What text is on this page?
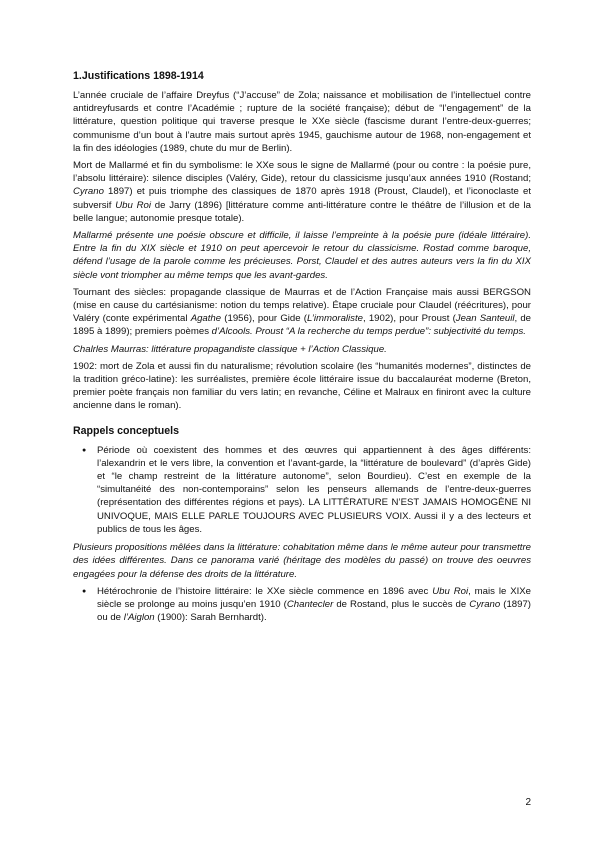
1.Justifications 1898-1914

L’année cruciale de l’affaire Dreyfus (“J’accuse” de Zola; naissance et mobilisation de l’intellectuel contre antidreyfusards et contre l’Académie ; rupture de la société française); début de “l’engagement” de la littérature, question politique qui traverse presque le XXe siècle (fascisme durant l’entre-deux-guerres; communisme d’un bout à l’autre mais surtout après 1945, gauchisme autour de 1968, non-engagement et la fin des idéologies (1989, chute du mur de Berlin).

Mort de Mallarmé et fin du symbolisme: le XXe sous le signe de Mallarmé (pour ou contre : la poésie pure, l’absolu littéraire): silence disciples (Valéry, Gide), retour du classicisme jusqu’aux années 1910 (Rostand; Cyrano 1897) et puis triomphe des classiques de 1870 après 1918 (Proust, Claudel), et l’iconoclaste et subversif Ubu Roi de Jarry (1896) [littérature comme anti-littérature contre le théâtre de l’illusion et de la belle langue; autonomie presque totale).

Mallarmé présente une poésie obscure et difficile, il laisse l’empreinte à la poésie pure (idéale littéraire). Entre la fin du XIX siècle et 1910 on peut apercevoir le retour du classicisme. Rostad comme baroque, défend l’usage de la parole comme les précieuses. Porst, Claudel et des autres auteurs vers la fin du XIX siècle vont triompher au même temps que les avant-gardes.

Tournant des siècles: propagande classique de Maurras et de l’Action Française mais aussi BERGSON (mise en cause du cartésianisme: notion du temps relative). Étape cruciale pour Claudel (réécritures), pour Valéry (conte expérimental Agathe (1956), pour Gide (L’immoraliste, 1902), pour Proust (Jean Santeuil, de 1895 à 1899); premiers poèmes d’Alcools. Proust “A la recherche du temps perdue”: subjectivité du temps.

Chalrles Maurras: littérature propagandiste classique + l’Action Classique.

1902: mort de Zola et aussi fin du naturalisme; révolution scolaire (les “humanités modernes”, distinctes de la tradition gréco-latine): les surréalistes, première école littéraire issue du baccalauréat moderne (Breton, premier poète français non familiar du vers latin; en revanche, Céline et Malraux en finiront avec la culture ancienne dans le roman).

Rappels conceptuels
● Période où coexistent des hommes et des œuvres qui appartiennent à des âges différents: l’alexandrin et le vers libre, la convention et l’avant-garde, la “littérature de boulevard” (d’après Gide) et “le champ restreint de la littérature autonome”, selon Bourdieu). C’est en exemple de la “simultanéité des non-contemporains” selon les penseurs allemands de l’entre-deux-guerres (représentation des différentes régions et pays). LA LITTÉRATURE N’EST JAMAIS HOMOGÈNE NI UNIVOQUE, MAIS ELLE PARLE TOUJOURS AVEC PLUSIEURS VOIX. Aussi il y a des lecteurs et publics de tous les âges.

Plusieurs propositions mêlées dans la littérature: cohabitation même dans le même auteur pour transmettre des idées différentes. Dans ce panorama varié (héritage des modèles du passé) on trouve des oeuvres engagées pour la défense des droits de la littérature.

● Hétérochronie de l’histoire littéraire: le XXe siècle commence en 1896 avec Ubu Roi, mais le XIXe siècle se prolonge au moins jusqu’en 1910 (Chantecler de Rostand, plus le succès de Cyrano (1897) ou de l’Aiglon (1900): Sarah Bernhardt).
2
